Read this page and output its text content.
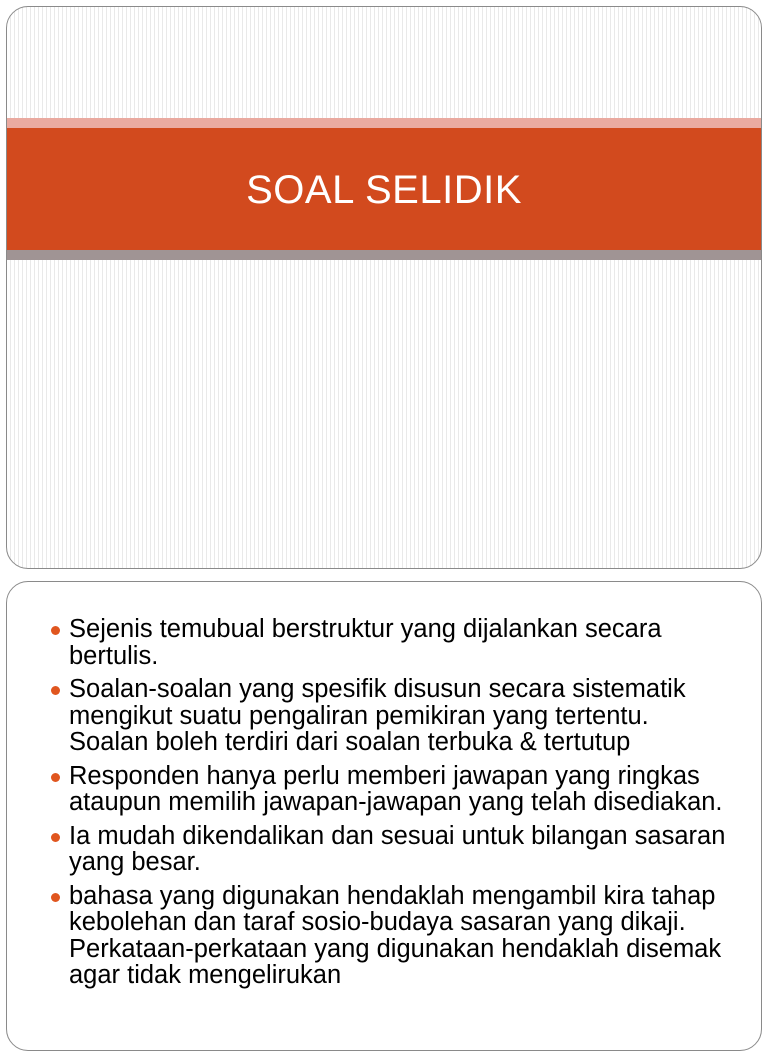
SOAL SELIDIK
Sejenis temubual berstruktur yang dijalankan secara bertulis.
Soalan-soalan yang spesifik disusun secara sistematik mengikut suatu pengaliran pemikiran yang tertentu. Soalan boleh terdiri dari soalan terbuka & tertutup
Responden hanya perlu memberi jawapan yang ringkas ataupun memilih jawapan-jawapan yang telah disediakan.
Ia mudah dikendalikan dan sesuai untuk bilangan sasaran yang besar.
bahasa yang digunakan hendaklah mengambil kira tahap kebolehan dan taraf sosio-budaya sasaran yang dikaji. Perkataan-perkataan yang digunakan hendaklah disemak agar tidak mengelirukan
